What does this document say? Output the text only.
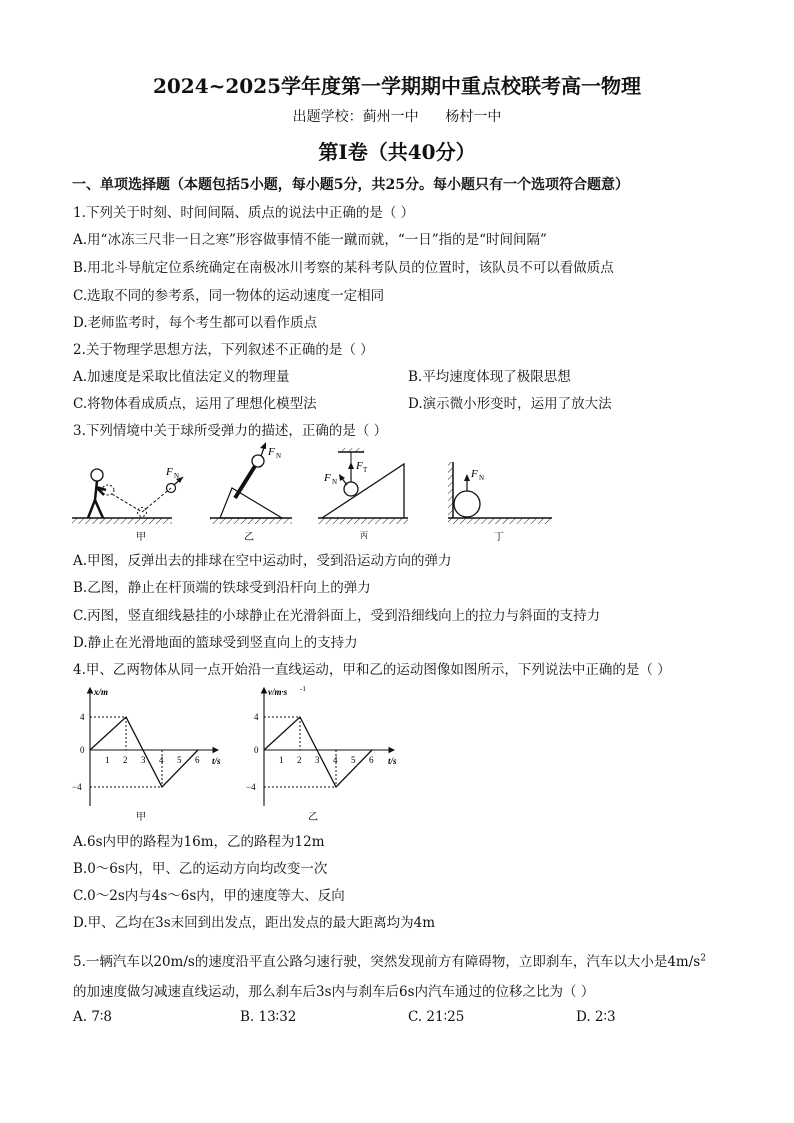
2024~2025学年度第一学期期中重点校联考高一物理
出题学校：蓟州一中      杨村一中
第Ⅰ卷（共40分）
一、单项选择题（本题包括5小题，每小题5分，共25分。每小题只有一个选项符合题意）
1.下列关于时刻、时间间隔、质点的说法中正确的是（ ）
A.用“冰冻三尺非一日之寒”形容做事情不能一蹴而就，“一日”指的是“时间间隔”
B.用北斗导航定位系统确定在南极冰川考察的某科考队员的位置时，该队员不可以看做质点
C.选取不同的参考系，同一物体的运动速度一定相同
D.老师监考时，每个考生都可以看作质点
2.关于物理学思想方法，下列叙述不正确的是（ ）
A.加速度是采取比值法定义的物理量	B.平均速度体现了极限思想
C.将物体看成质点，运用了理想化模型法	D.演示微小形变时，运用了放大法
3.下列情境中关于球所受弹力的描述，正确的是（ ）
F N
甲
F N
乙
F T
F N
丙
F N
丁
A.甲图，反弹出去的排球在空中运动时，受到沿运动方向的弹力
B.乙图，静止在杆顶端的铁球受到沿杆向上的弹力
C.丙图，竖直细线悬挂的小球静止在光滑斜面上，受到沿细线向上的拉力与斜面的支持力
D.静止在光滑地面的篮球受到竖直向上的支持力
4.甲、乙两物体从同一点开始沿一直线运动，甲和乙的运动图像如图所示，下列说法中正确的是（ ）
x/m
t/s
4
0
−4
1 2 3 4 5 6
甲
v/m·s -1
t/s
4
0
−4
1 2 3 4 5 6
乙
A.6s内甲的路程为16m，乙的路程为12m
B.0～6s内，甲、乙的运动方向均改变一次
C.0～2s内与4s～6s内，甲的速度等大、反向
D.甲、乙均在3s末回到出发点，距出发点的最大距离均为4m
5.一辆汽车以20m/s的速度沿平直公路匀速行驶，突然发现前方有障碍物，立即刹车，汽车以大小是$4m/s^2$
的加速度做匀减速直线运动，那么刹车后3s内与刹车后6s内汽车通过的位移之比为（ ）
A. 7∶8	B. 13∶32	C. 21∶25	D. 2∶3
